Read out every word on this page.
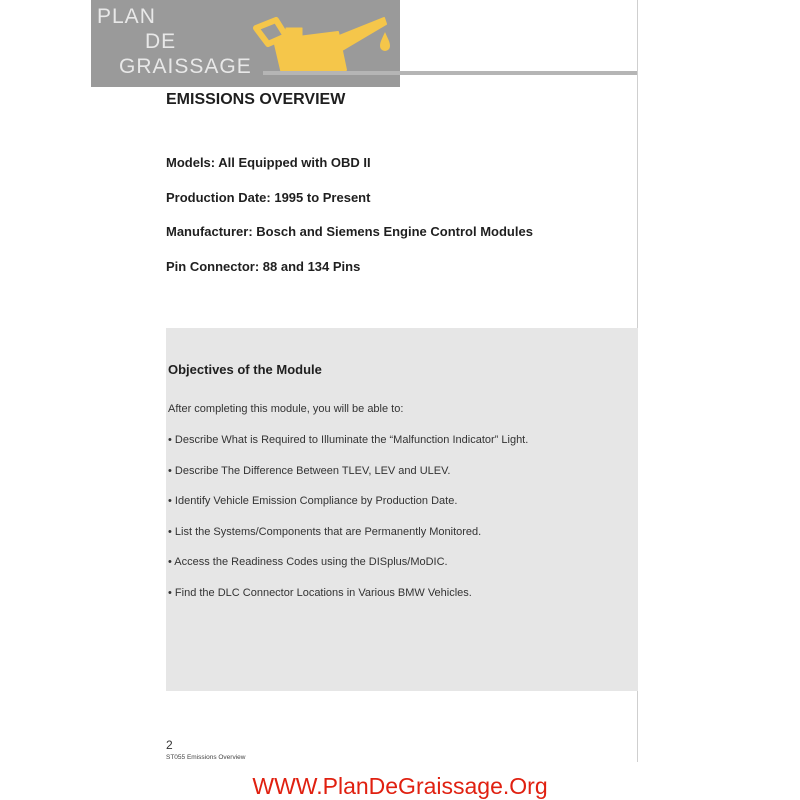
PLAN
DE
GRAISSAGE
EMISSIONS OVERVIEW

Models: All Equipped with OBD II

Production Date: 1995 to Present

Manufacturer: Bosch and Siemens Engine Control Modules

Pin Connector: 88 and 134 Pins

Objectives of the Module

After completing this module, you will be able to:

• Describe What is Required to Illuminate the “Malfunction Indicator” Light.
• Describe The Difference Between TLEV, LEV and ULEV.
• Identify Vehicle Emission Compliance by Production Date.
• List the Systems/Components that are Permanently Monitored.
• Access the Readiness Codes using the DISplus/MoDIC.
• Find the DLC Connector Locations in Various BMW Vehicles.
2
ST055 Emissions Overview
WWW.PlanDeGraissage.Org
